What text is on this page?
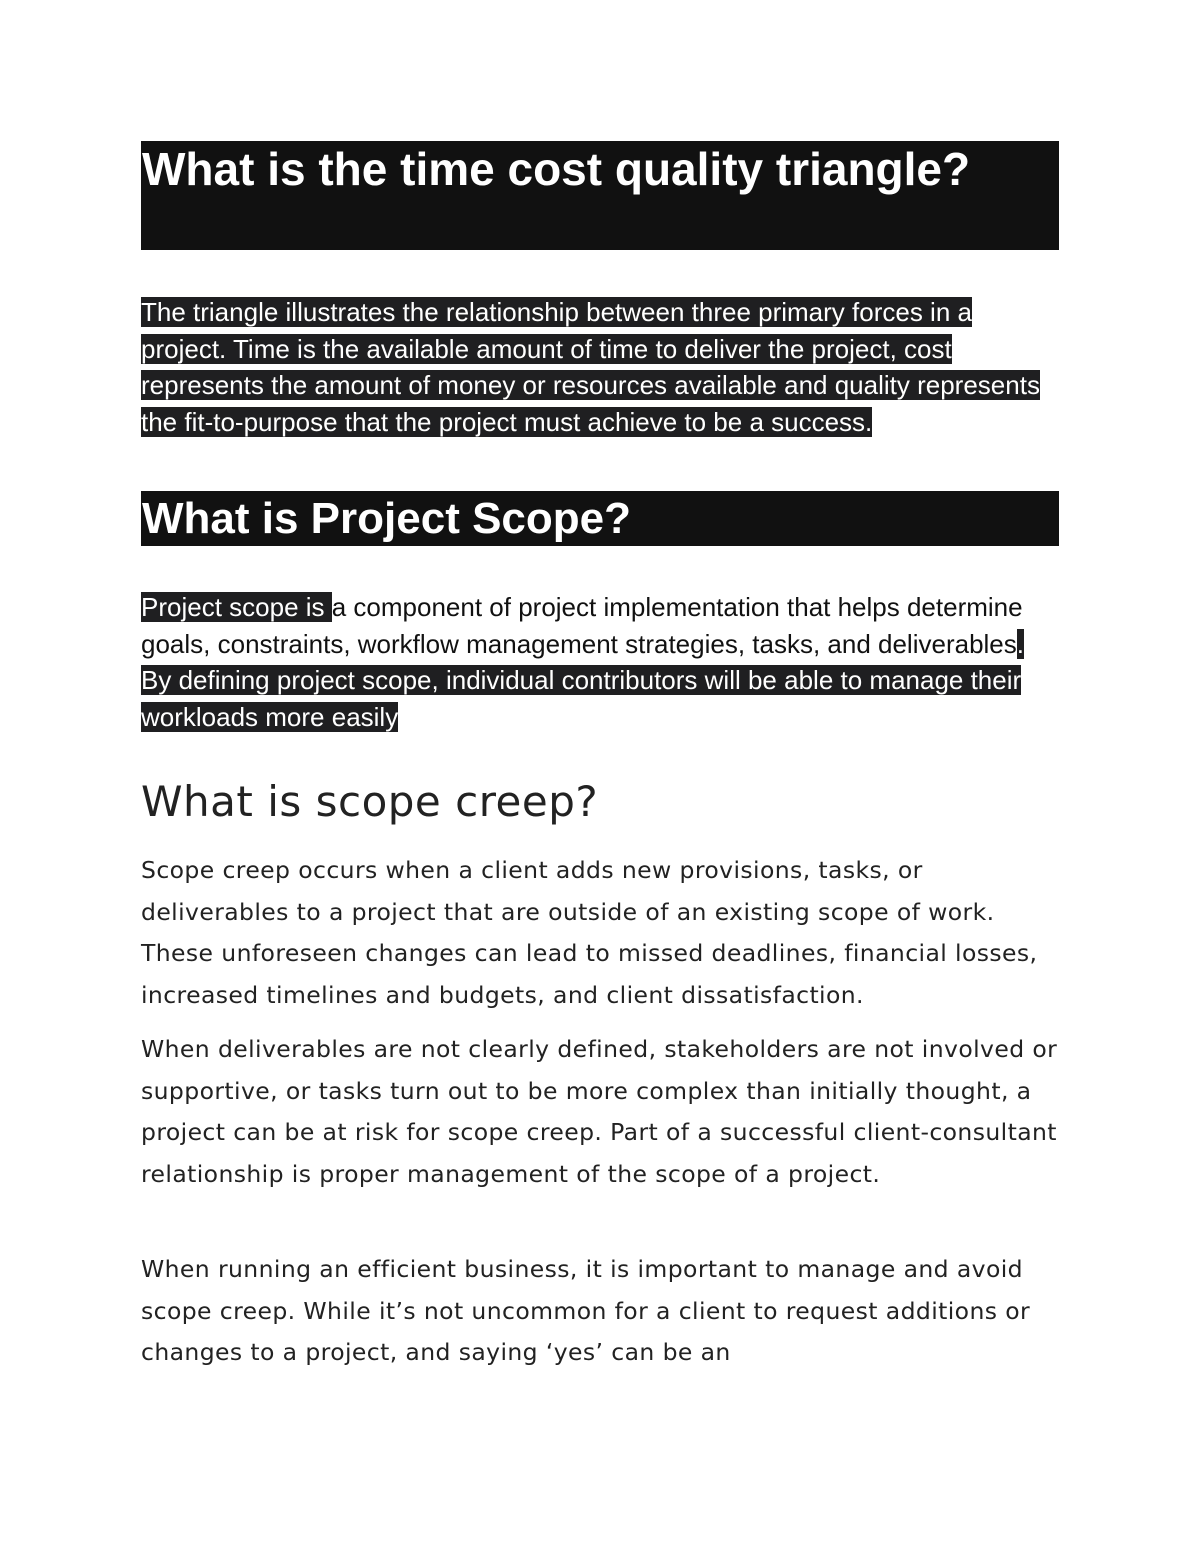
What is the time cost quality triangle?
The triangle illustrates the relationship between three primary forces in a project. Time is the available amount of time to deliver the project, cost represents the amount of money or resources available and quality represents the fit-to-purpose that the project must achieve to be a success.
What is Project Scope?
Project scope is a component of project implementation that helps determine goals, constraints, workflow management strategies, tasks, and deliverables. By defining project scope, individual contributors will be able to manage their workloads more easily
What is scope creep?

Scope creep occurs when a client adds new provisions, tasks, or deliverables to a project that are outside of an existing scope of work. These unforeseen changes can lead to missed deadlines, financial losses, increased timelines and budgets, and client dissatisfaction.

When deliverables are not clearly defined, stakeholders are not involved or supportive, or tasks turn out to be more complex than initially thought, a project can be at risk for scope creep. Part of a successful client-consultant relationship is proper management of the scope of a project.

When running an efficient business, it is important to manage and avoid scope creep. While it’s not uncommon for a client to request additions or changes to a project, and saying ‘yes’ can be an
